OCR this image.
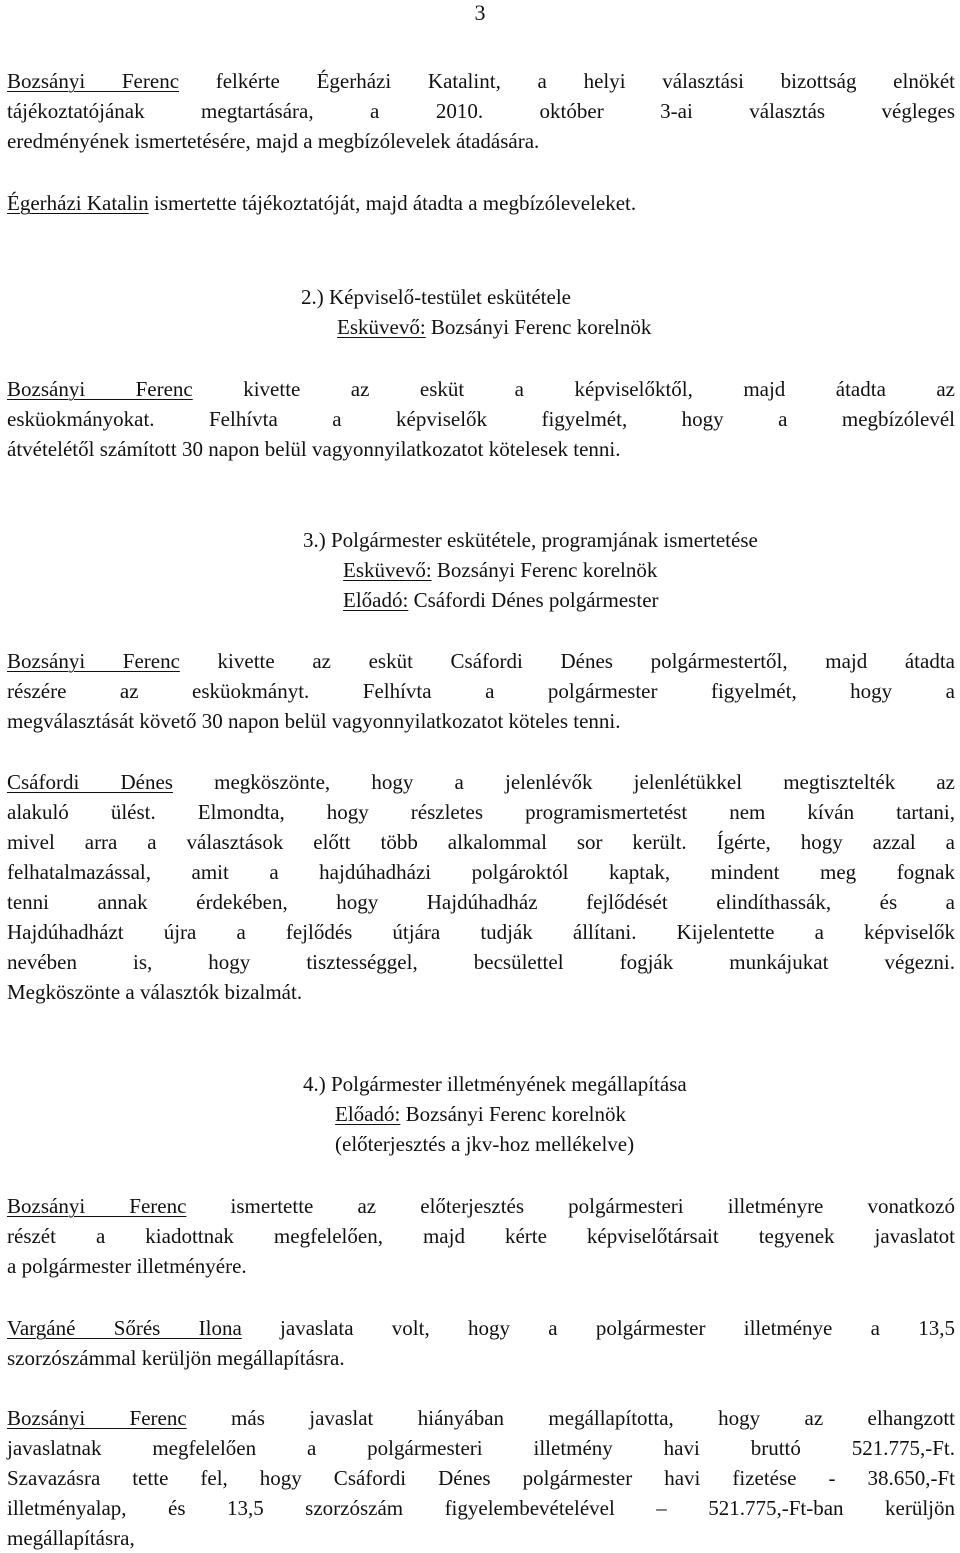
3
Bozsányi Ferenc felkérte Égerházi Katalint, a helyi választási bizottság elnökét
tájékoztatójának megtartására, a 2010. október 3-ai választás végleges
eredményének ismertetésére, majd a megbízólevelek átadására.
Égerházi Katalin ismertette tájékoztatóját, majd átadta a megbízóleveleket.
2.) Képviselő-testület eskütétele
Esküvevő: Bozsányi Ferenc korelnök
Bozsányi Ferenc kivette az esküt a képviselőktől, majd átadta az
esküokmányokat. Felhívta a képviselők figyelmét, hogy a megbízólevél
átvételétől számított 30 napon belül vagyonnyilatkozatot kötelesek tenni.
3.) Polgármester eskütétele, programjának ismertetése
Esküvevő: Bozsányi Ferenc korelnök
Előadó: Csáfordi Dénes polgármester
Bozsányi Ferenc kivette az esküt Csáfordi Dénes polgármestertől, majd átadta
részére az esküokmányt. Felhívta a polgármester figyelmét, hogy a
megválasztását követő 30 napon belül vagyonnyilatkozatot köteles tenni.
Csáfordi Dénes megköszönte, hogy a jelenlévők jelenlétükkel megtisztelték az
alakuló ülést. Elmondta, hogy részletes programismertetést nem kíván tartani,
mivel arra a választások előtt több alkalommal sor került. Ígérte, hogy azzal a
felhatalmazással, amit a hajdúhadházi polgároktól kaptak, mindent meg fognak
tenni annak érdekében, hogy Hajdúhadház fejlődését elindíthassák, és a
Hajdúhadházt újra a fejlődés útjára tudják állítani. Kijelentette a képviselők
nevében is, hogy tisztességgel, becsülettel fogják munkájukat végezni.
Megköszönte a választók bizalmát.
4.) Polgármester illetményének megállapítása
Előadó: Bozsányi Ferenc korelnök
(előterjesztés a jkv-hoz mellékelve)
Bozsányi Ferenc ismertette az előterjesztés polgármesteri illetményre vonatkozó
részét a kiadottnak megfelelően, majd kérte képviselőtársait tegyenek javaslatot
a polgármester illetményére.
Vargáné Sőrés Ilona javaslata volt, hogy a polgármester illetménye a 13,5
szorzószámmal kerüljön megállapításra.
Bozsányi Ferenc más javaslat hiányában megállapította, hogy az elhangzott
javaslatnak megfelelően a polgármesteri illetmény havi bruttó 521.775,-Ft.
Szavazásra tette fel, hogy Csáfordi Dénes polgármester havi fizetése - 38.650,-Ft
illetményalap, és 13,5 szorzószám figyelembevételével – 521.775,-Ft-ban kerüljön
megállapításra,
